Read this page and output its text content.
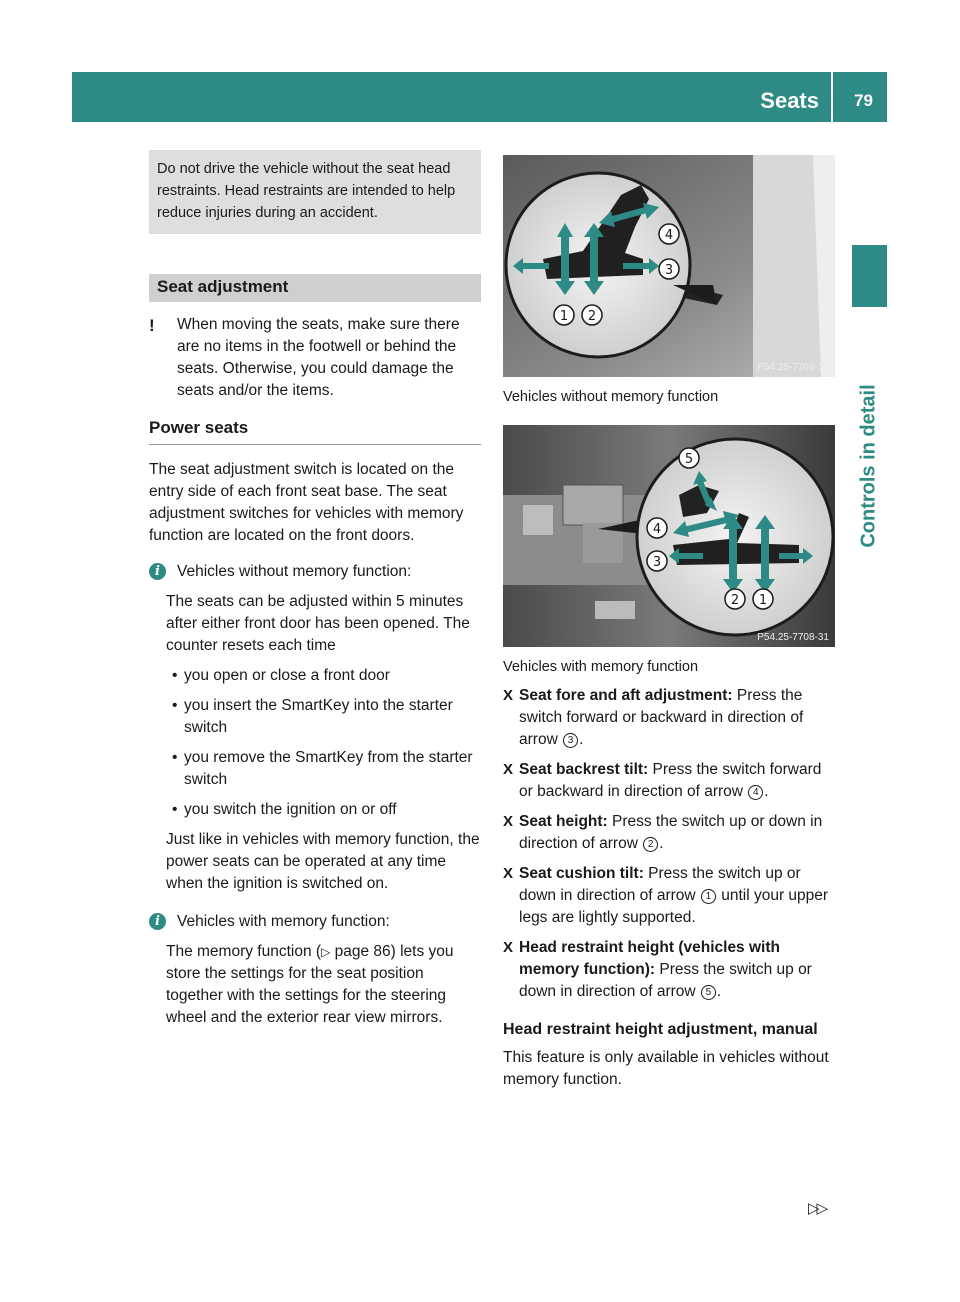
Seats 79
Controls in detail
Do not drive the vehicle without the seat head restraints. Head restraints are intended to help reduce injuries during an accident.
Seat adjustment
! When moving the seats, make sure there are no items in the footwell or behind the seats. Otherwise, you could damage the seats and/or the items.
Power seats
The seat adjustment switch is located on the entry side of each front seat base. The seat adjustment switches for vehicles with memory function are located on the front doors.
i	Vehicles without memory function:
The seats can be adjusted within 5 minutes after either front door has been opened. The counter resets each time
• you open or close a front door
• you insert the SmartKey into the starter switch
• you remove the SmartKey from the starter switch
• you switch the ignition on or off
Just like in vehicles with memory function, the power seats can be operated at any time when the ignition is switched on.
i	Vehicles with memory function:
The memory function (▷ page 86) lets you store the settings for the seat position together with the settings for the steering wheel and the exterior rear view mirrors.
4
3
1 2
P54.25-7709-31
Vehicles without memory function
5
4
3
2 1
P54.25-7708-31
Vehicles with memory function
X Seat fore and aft adjustment: Press the switch forward or backward in direction of arrow 3 .
X Seat backrest tilt: Press the switch forward or backward in direction of arrow 4 .
X Seat height: Press the switch up or down in direction of arrow 2 .
X Seat cushion tilt: Press the switch up or down in direction of arrow 1 until your upper legs are lightly supported.
X Head restraint height (vehicles with memory function): Press the switch up or down in direction of arrow 5 .
Head restraint height adjustment, manual
This feature is only available in vehicles without memory function.
▷▷
